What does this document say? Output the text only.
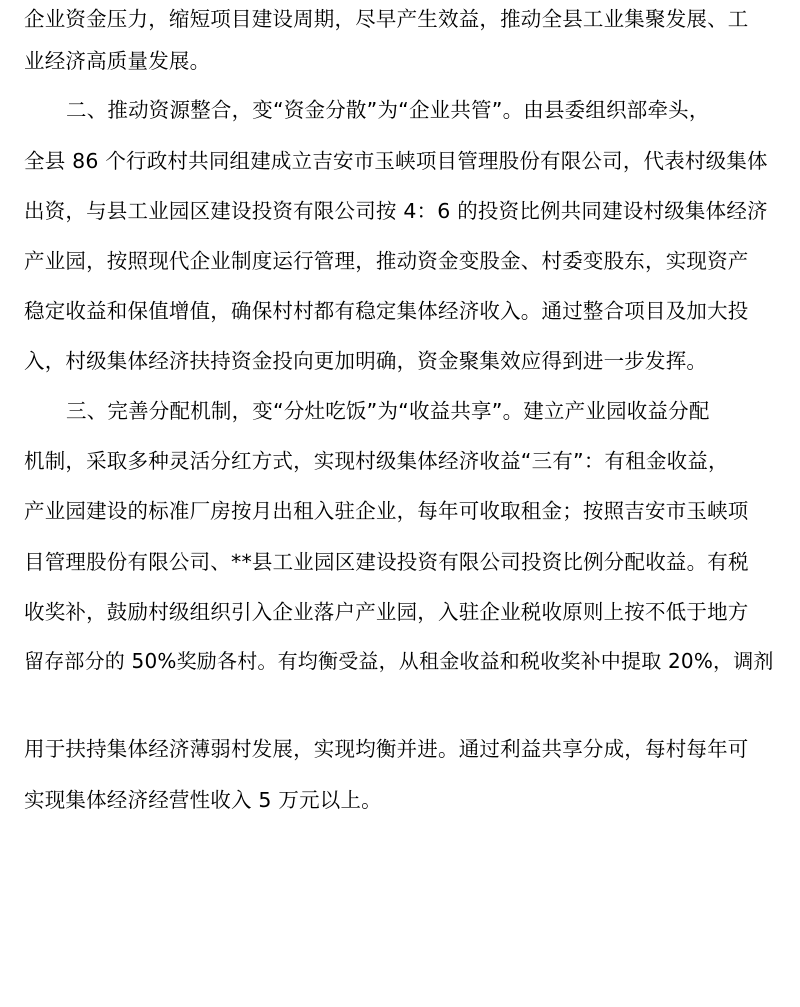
企业资金压力，缩短项目建设周期，尽早产生效益，推动全县工业集聚发展、工
业经济高质量发展。
二、推动资源整合，变“资金分散”为“企业共管”。由县委组织部牵头，
全县 86 个行政村共同组建成立吉安市玉峡项目管理股份有限公司，代表村级集体
出资，与县工业园区建设投资有限公司按 4：6 的投资比例共同建设村级集体经济
产业园，按照现代企业制度运行管理，推动资金变股金、村委变股东，实现资产
稳定收益和保值增值，确保村村都有稳定集体经济收入。通过整合项目及加大投
入，村级集体经济扶持资金投向更加明确，资金聚集效应得到进一步发挥。
三、完善分配机制，变“分灶吃饭”为“收益共享”。建立产业园收益分配
机制，采取多种灵活分红方式，实现村级集体经济收益“三有”：有租金收益，
产业园建设的标准厂房按月出租入驻企业，每年可收取租金；按照吉安市玉峡项
目管理股份有限公司、**县工业园区建设投资有限公司投资比例分配收益。有税
收奖补，鼓励村级组织引入企业落户产业园，入驻企业税收原则上按不低于地方
留存部分的 50%奖励各村。有均衡受益，从租金收益和税收奖补中提取 20%，调剂
用于扶持集体经济薄弱村发展，实现均衡并进。通过利益共享分成，每村每年可
实现集体经济经营性收入 5 万元以上。
